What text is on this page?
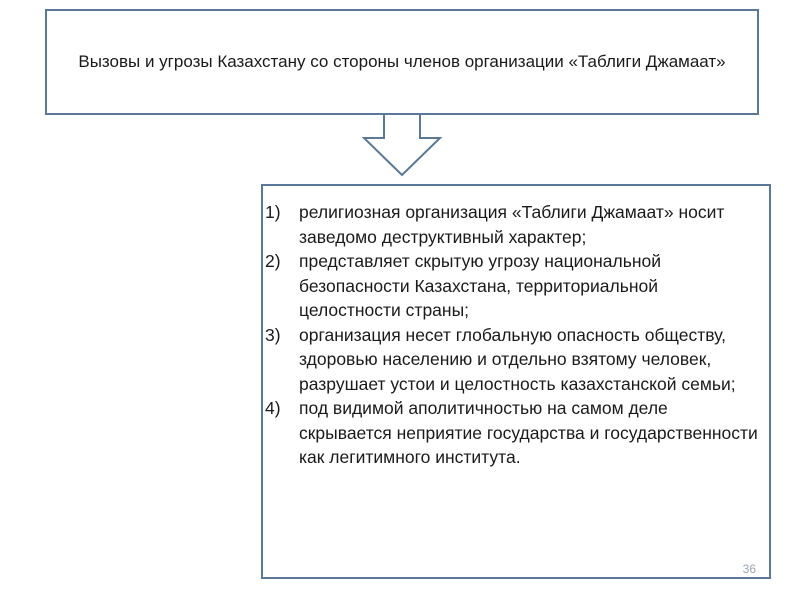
Вызовы и угрозы Казахстану со стороны членов организации «Таблиги Джамаат»
1) религиозная организация «Таблиги Джамаат» носит заведомо деструктивный характер;
2) представляет скрытую угрозу национальной безопасности Казахстана, территориальной целостности страны;
3) организация несет глобальную опасность обществу, здоровью населению и отдельно взятому человек, разрушает устои и целостность казахстанской семьи;
4) под видимой аполитичностью на самом деле скрывается неприятие государства и государственности как легитимного института.
36
